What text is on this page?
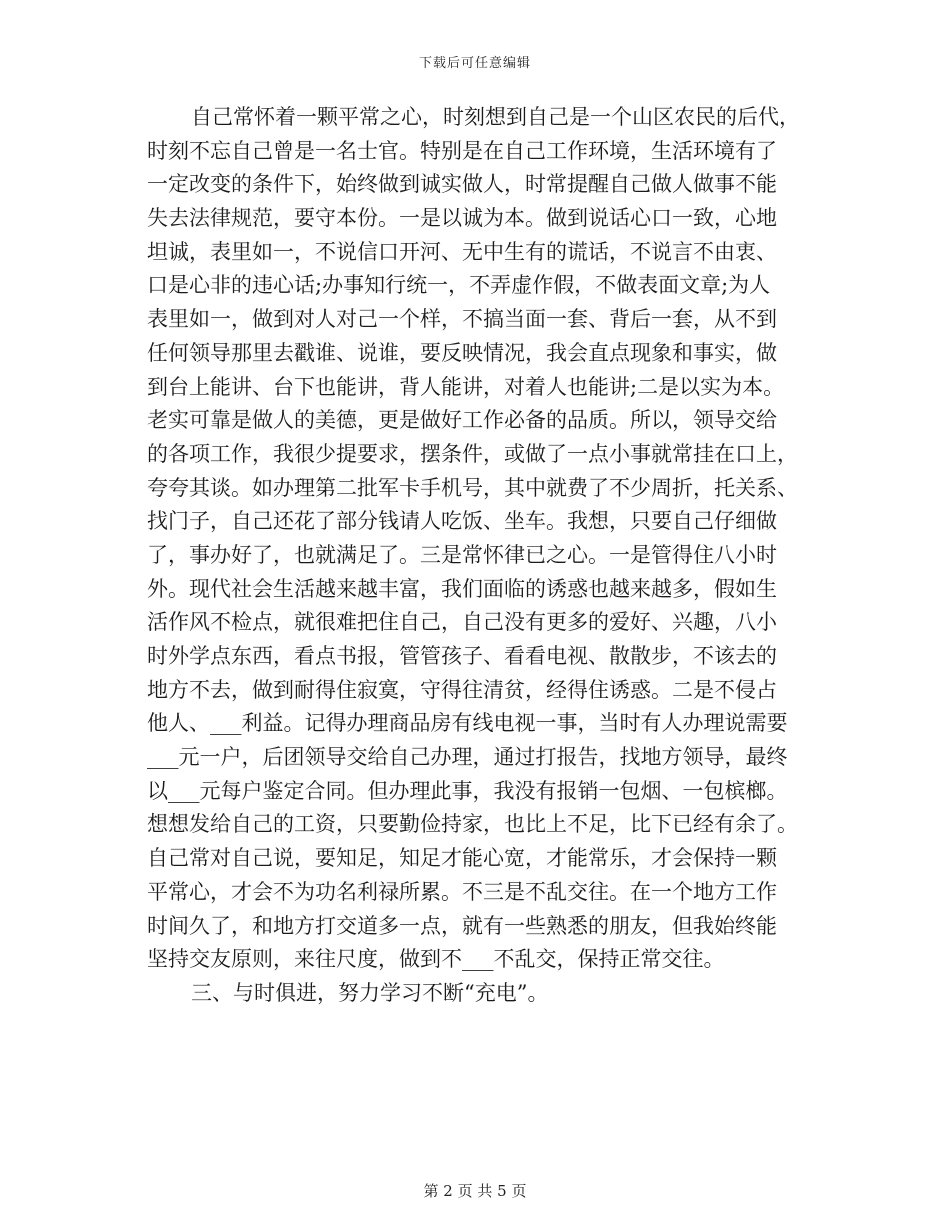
下载后可任意编辑
自己常怀着一颗平常之心，时刻想到自己是一个山区农民的后代，
时刻不忘自己曾是一名士官。特别是在自己工作环境，生活环境有了
一定改变的条件下，始终做到诚实做人，时常提醒自己做人做事不能
失去法律规范，要守本份。一是以诚为本。做到说话心口一致，心地
坦诚，表里如一，不说信口开河、无中生有的谎话，不说言不由衷、
口是心非的违心话;办事知行统一，不弄虚作假，不做表面文章;为人
表里如一，做到对人对己一个样，不搞当面一套、背后一套，从不到
任何领导那里去戳谁、说谁，要反映情况，我会直点现象和事实，做
到台上能讲、台下也能讲，背人能讲，对着人也能讲;二是以实为本。
老实可靠是做人的美德，更是做好工作必备的品质。所以，领导交给
的各项工作，我很少提要求，摆条件，或做了一点小事就常挂在口上，
夸夸其谈。如办理第二批军卡手机号，其中就费了不少周折，托关系、
找门子，自己还花了部分钱请人吃饭、坐车。我想，只要自己仔细做
了，事办好了，也就满足了。三是常怀律已之心。一是管得住八小时
外。现代社会生活越来越丰富，我们面临的诱惑也越来越多，假如生
活作风不检点，就很难把住自己，自己没有更多的爱好、兴趣，八小
时外学点东西，看点书报，管管孩子、看看电视、散散步，不该去的
地方不去，做到耐得住寂寞，守得往清贫，经得住诱惑。二是不侵占
他人、___利益。记得办理商品房有线电视一事，当时有人办理说需要
___元一户，后团领导交给自己办理，通过打报告，找地方领导，最终
以___元每户鉴定合同。但办理此事，我没有报销一包烟、一包槟榔。
想想发给自己的工资，只要勤俭持家，也比上不足，比下已经有余了。
自己常对自己说，要知足，知足才能心宽，才能常乐，才会保持一颗
平常心，才会不为功名利禄所累。不三是不乱交往。在一个地方工作
时间久了，和地方打交道多一点，就有一些熟悉的朋友，但我始终能
坚持交友原则，来往尺度，做到不___不乱交，保持正常交往。
三、与时俱进，努力学习不断“充电”。
第 2 页 共 5 页
